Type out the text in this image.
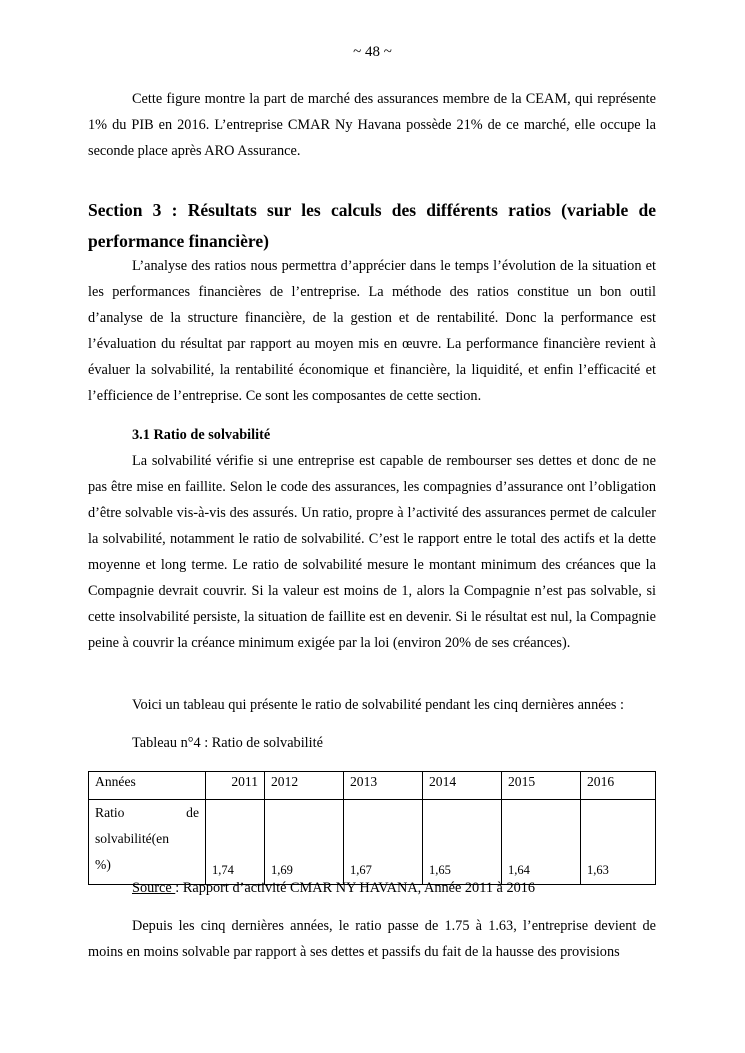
~ 48 ~

Cette figure montre la part de marché des assurances membre de la CEAM, qui représente 1% du PIB en 2016. L’entreprise CMAR Ny Havana possède 21% de ce marché, elle occupe la seconde place après ARO Assurance.

Section 3 : Résultats sur les calculs des différents ratios (variable de performance financière)

L’analyse des ratios nous permettra d’apprécier dans le temps l’évolution de la situation et les performances financières de l’entreprise. La méthode des ratios constitue un bon outil d’analyse de la structure financière, de la gestion et de rentabilité. Donc la performance est l’évaluation du résultat par rapport au moyen mis en œuvre. La performance financière revient à évaluer la solvabilité, la rentabilité économique et financière, la liquidité, et enfin l’efficacité et l’efficience de l’entreprise. Ce sont les composantes de cette section.

3.1 Ratio de solvabilité

La solvabilité vérifie si une entreprise est capable de rembourser ses dettes et donc de ne pas être mise en faillite. Selon le code des assurances, les compagnies d’assurance ont l’obligation d’être solvable vis-à-vis des assurés. Un ratio, propre à l’activité des assurances permet de calculer la solvabilité, notamment le ratio de solvabilité. C’est le rapport entre le total des actifs et la dette moyenne et long terme. Le ratio de solvabilité mesure le montant minimum des créances que la Compagnie devrait couvrir. Si la valeur est moins de 1, alors la Compagnie n’est pas solvable, si cette insolvabilité persiste, la situation de faillite est en devenir. Si le résultat est nul, la Compagnie peine à couvrir la créance minimum exigée par la loi (environ 20% de ses créances).

Voici un tableau qui présente le ratio de solvabilité pendant les cinq dernières années :
Tableau n°4 : Ratio de solvabilité
Années	2011	2012	2013	2014	2015	2016

Ratio de
solvabilité(en
%)	1,74	1,69	1,67	1,65	1,64	1,63
Source : Rapport d’activité CMAR NY HAVANA, Année 2011 à 2016

Depuis les cinq dernières années, le ratio passe de 1.75 à 1.63, l’entreprise devient de moins en moins solvable par rapport à ses dettes et passifs du fait de la hausse des provisions
